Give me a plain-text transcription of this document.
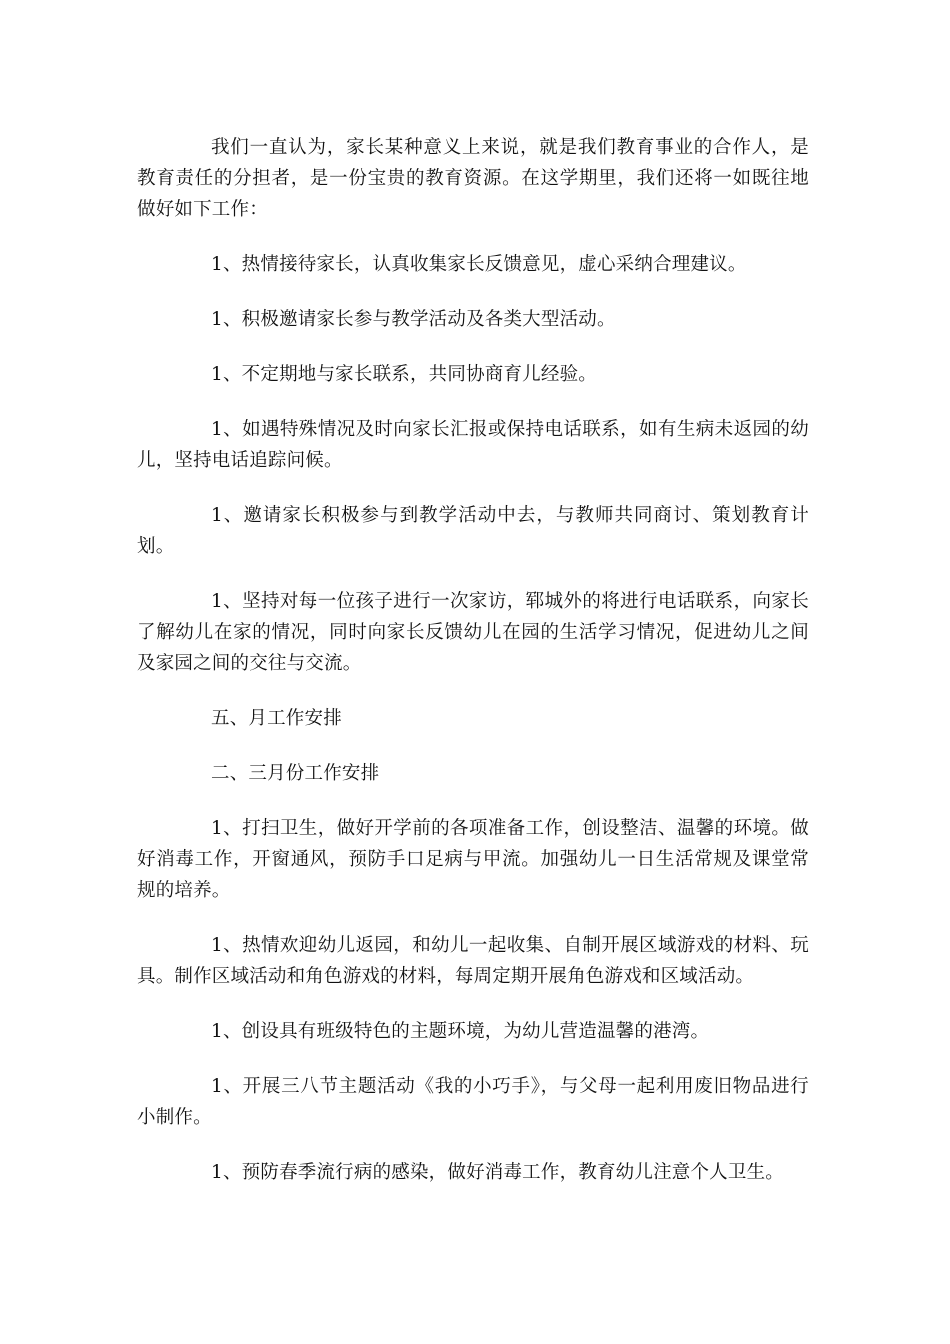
我们一直认为，家长某种意义上来说，就是我们教育事业的合作人，是教育责任的分担者，是一份宝贵的教育资源。在这学期里，我们还将一如既往地做好如下工作：

1、热情接待家长，认真收集家长反馈意见，虚心采纳合理建议。

1、积极邀请家长参与教学活动及各类大型活动。

1、不定期地与家长联系，共同协商育儿经验。

1、如遇特殊情况及时向家长汇报或保持电话联系，如有生病未返园的幼儿，坚持电话追踪问候。

1、邀请家长积极参与到教学活动中去，与教师共同商讨、策划教育计划。

1、坚持对每一位孩子进行一次家访，郓城外的将进行电话联系，向家长了解幼儿在家的情况，同时向家长反馈幼儿在园的生活学习情况，促进幼儿之间及家园之间的交往与交流。

五、月工作安排

二、三月份工作安排

1、打扫卫生，做好开学前的各项准备工作，创设整洁、温馨的环境。做好消毒工作，开窗通风，预防手口足病与甲流。加强幼儿一日生活常规及课堂常规的培养。

1、热情欢迎幼儿返园，和幼儿一起收集、自制开展区域游戏的材料、玩具。制作区域活动和角色游戏的材料，每周定期开展角色游戏和区域活动。

1、创设具有班级特色的主题环境，为幼儿营造温馨的港湾。

1、开展三八节主题活动《我的小巧手》，与父母一起利用废旧物品进行小制作。

1、预防春季流行病的感染，做好消毒工作，教育幼儿注意个人卫生。
